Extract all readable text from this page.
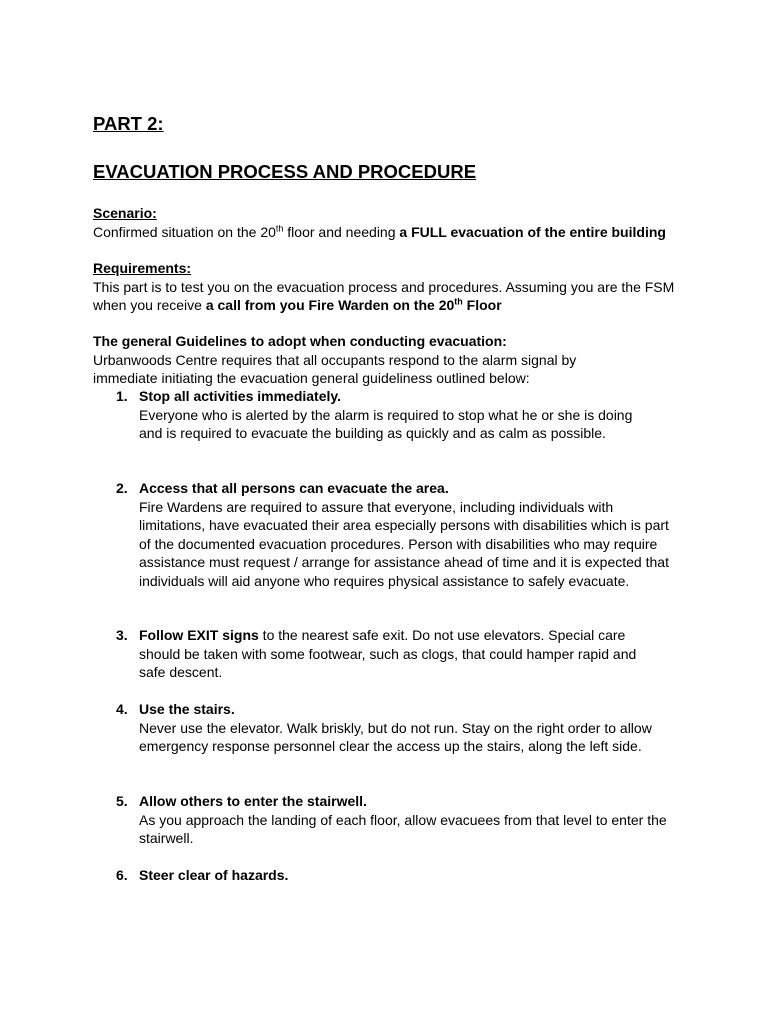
PART 2:
EVACUATION PROCESS AND PROCEDURE
Scenario:
Confirmed situation on the 20th floor and needing a FULL evacuation of the entire building
Requirements:
This part is to test you on the evacuation process and procedures. Assuming you are the FSM when you receive a call from you Fire Warden on the 20th Floor
The general Guidelines to adopt when conducting evacuation:
Urbanwoods Centre requires that all occupants respond to the alarm signal by immediate initiating the evacuation general guideliness outlined below:
1. Stop all activities immediately.
Everyone who is alerted by the alarm is required to stop what he or she is doing and is required to evacuate the building as quickly and as calm as possible.
2. Access that all persons can evacuate the area.
Fire Wardens are required to assure that everyone, including individuals with limitations, have evacuated their area especially persons with disabilities which is part of the documented evacuation procedures. Person with disabilities who may require assistance must request / arrange for assistance ahead of time and it is expected that individuals will aid anyone who requires physical assistance to safely evacuate.
3. Follow EXIT signs to the nearest safe exit. Do not use elevators. Special care should be taken with some footwear, such as clogs, that could hamper rapid and safe descent.
4. Use the stairs.
Never use the elevator. Walk briskly, but do not run. Stay on the right order to allow emergency response personnel clear the access up the stairs, along the left side.
5. Allow others to enter the stairwell.
As you approach the landing of each floor, allow evacuees from that level to enter the stairwell.
6. Steer clear of hazards.
